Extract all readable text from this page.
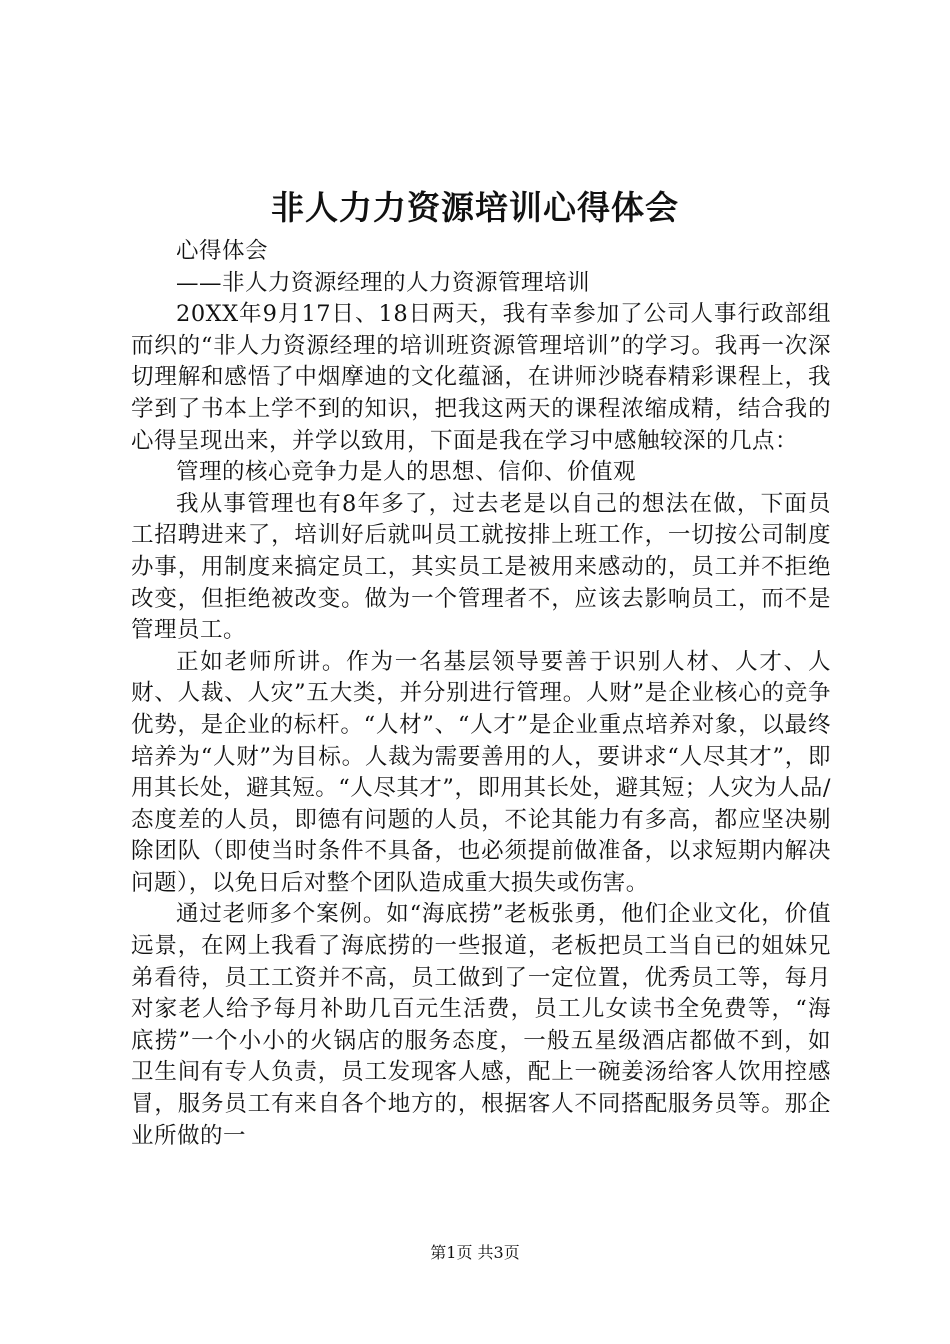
非人力力资源培训心得体会

心得体会

——非人力资源经理的人力资源管理培训

20XX年9月17日、18日两天，我有幸参加了公司人事行政部组而织的“非人力资源经理的培训班资源管理培训”的学习。我再一次深切理解和感悟了中烟摩迪的文化蕴涵，在讲师沙晓春精彩课程上，我学到了书本上学不到的知识，把我这两天的课程浓缩成精，结合我的心得呈现出来，并学以致用，下面是我在学习中感触较深的几点：

管理的核心竞争力是人的思想、信仰、价值观

我从事管理也有8年多了，过去老是以自己的想法在做，下面员工招聘进来了，培训好后就叫员工就按排上班工作，一切按公司制度办事，用制度来搞定员工，其实员工是被用来感动的，员工并不拒绝改变，但拒绝被改变。做为一个管理者不，应该去影响员工，而不是管理员工。

正如老师所讲。作为一名基层领导要善于识别人材、人才、人财、人裁、人灾”五大类，并分别进行管理。人财”是企业核心的竞争优势，是企业的标杆。“人材”、“人才”是企业重点培养对象，以最终培养为“人财”为目标。人裁为需要善用的人，要讲求“人尽其才”，即用其长处，避其短。“人尽其才”，即用其长处，避其短；人灾为人品/态度差的人员，即德有问题的人员，不论其能力有多高，都应坚决剔除团队（即使当时条件不具备，也必须提前做准备，以求短期内解决问题），以免日后对整个团队造成重大损失或伤害。

通过老师多个案例。如“海底捞”老板张勇，他们企业文化，价值远景，在网上我看了海底捞的一些报道，老板把员工当自已的姐妹兄弟看待，员工工资并不高，员工做到了一定位置，优秀员工等，每月对家老人给予每月补助几百元生活费，员工儿女读书全免费等，“海底捞”一个小小的火锅店的服务态度，一般五星级酒店都做不到，如卫生间有专人负责，员工发现客人感，配上一碗姜汤给客人饮用控感冒，服务员工有来自各个地方的，根据客人不同搭配服务员等。那企业所做的一

第1页 共3页
